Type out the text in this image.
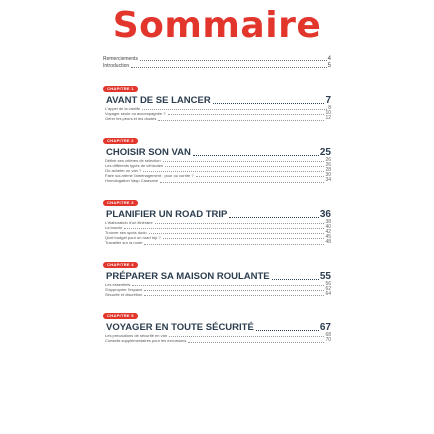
Sommaire
Remerciements	4
Introduction	5
CHAPITRE 1
AVANT DE SE LANCER	7
L'appel de la vanlife	8
Voyager seule ou accompagnée ?	10
Gérer les peurs et les doutes	12
CHAPITRE 2
CHOISIR SON VAN	25
Définir ses critères de sélection	26
Les différents types de véhicules	26
Où acheter un van ?	28
Faire soi-même l'aménagement : pour ou contre ?	30
Homologation Vasp Caravane	34
CHAPITRE 3
PLANIFIER UN ROAD TRIP	36
L'élaboration d'un itinéraire	38
La boucle	40
Trouver ses spots dodo	42
Quel budget pour un road trip ?	45
Travailler sur la route	48
CHAPITRE 4
PRÉPARER SA MAISON ROULANTE	55
Les essentiels	56
S'approprier l'espace	62
Sécurité et discrétion	64
CHAPITRE 5
VOYAGER EN TOUTE SÉCURITÉ	67
Les précautions de sécurité en van	68
Conseils supplémentaires pour les excursions	70
